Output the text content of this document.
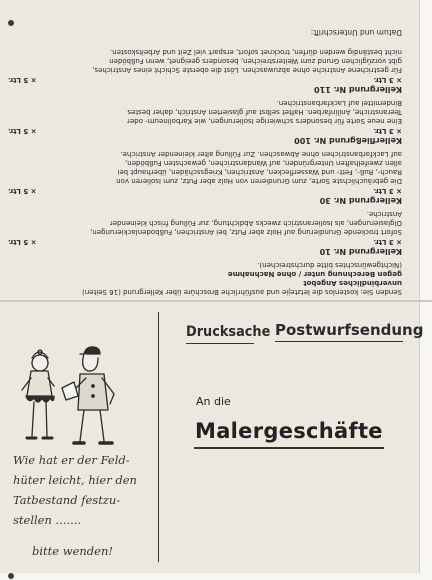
Senden Sie: kostenlos die letztejie und ausführliche Broschüre über Kellergrund (16 Seiten)
unverbindliches Angebot
gegen Berechnung unter / ohne Nachnahme
(Nichtgewünschtes bitte durchstreichen).
Kellergrund Nr. 10
× 3 Ltr.
× 5 Ltr.
Sofort trockende Grundierung auf Holz aber Putz, bei Anstrichen, Fußbodenlackierungen,
Ölglasierungen, als Isolieranstrich zwecks Abdichtung, zur Füllung frisch kleinender
Anstriche.
Kellergrund Nr. 30
× 3 Ltr.
× 5 Ltr.
Die gebräuchlichste Sorte, zum Grundieren von Holz aber Putz, zum Isolieren von
Rauch-, Ruß-, Fett- und Wasserflecken, Anstrichen, Kriegsschäden, überhaupt bei
allen zweifelhaften Untergründen, auf Wandanstrichen, gewachsten Fußböden,
auf Lackfarbanstrichen ohne Abwaschen. Zur Füllung alter kleinender Anstriche.
Kellerfließgrund Nr. 100
× 3 Ltr.
× 5 Ltr.
Eine neue Sorte für besonders schwierige Isolierungen, wie Karbolineum- oder
Teeranstriche, Anilinfarben. Haftet selbst auf glasierten Anstrich, daher bestes
Bindemittel auf Lackfarbanstrichen.
Kellergrund Nr. 110
× 3 Ltr.
× 5 Ltr.
Für gestrichene Anstriche ohne abzuwaschen. Löst die oberste Schicht eines Anstriches,
gibt vorzüglichen Grund zum Weiterstreichen, besonders geeignet, wenn Fußböden
nicht beständig werden dürfen, trocknet sofort, erspart viel Zeit und Arbeitskosten.
Datum und Unterschrift:
Drucksache Postwurfsendung
An die
Malergeschäfte
Wie hat er der Feld-
hüter leicht, hier den
Tatbestand festzu-
stellen .......
bitte wenden!
